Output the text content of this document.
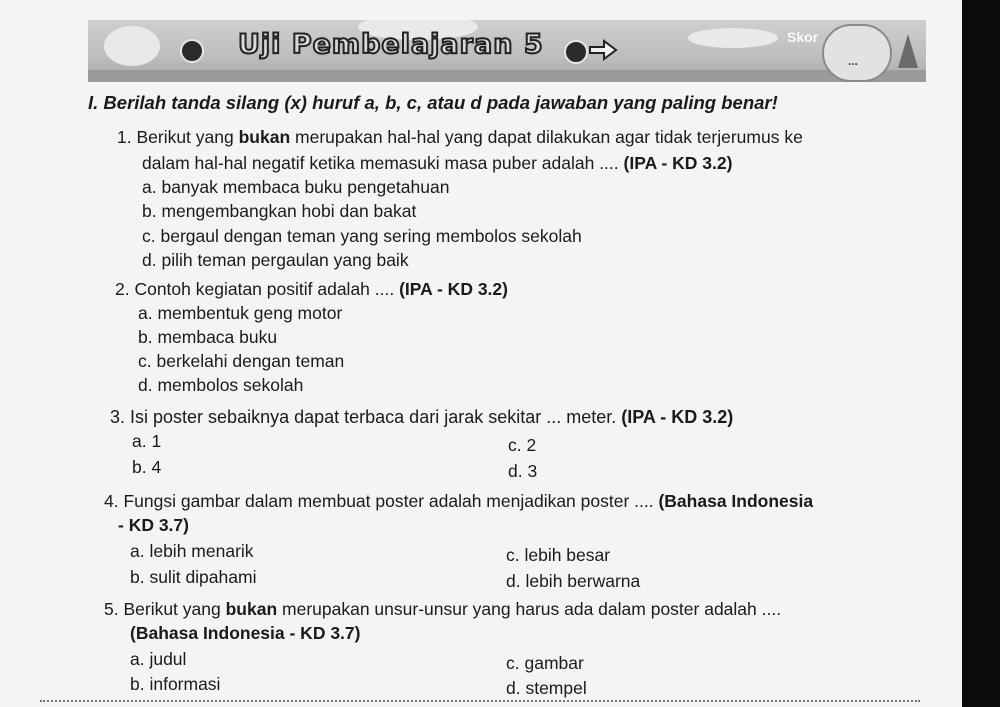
Uji Pembelajaran 5	Skor
...
I. Berilah tanda silang (x) huruf a, b, c, atau d pada jawaban yang paling benar!
1. Berikut yang bukan merupakan hal-hal yang dapat dilakukan agar tidak terjerumus ke
dalam hal-hal negatif ketika memasuki masa puber adalah .... (IPA - KD 3.2)
a. banyak membaca buku pengetahuan
b. mengembangkan hobi dan bakat
c. bergaul dengan teman yang sering membolos sekolah
d. pilih teman pergaulan yang baik
2. Contoh kegiatan positif adalah .... (IPA - KD 3.2)
a. membentuk geng motor
b. membaca buku
c. berkelahi dengan teman
d. membolos sekolah
3. Isi poster sebaiknya dapat terbaca dari jarak sekitar ... meter. (IPA - KD 3.2)
a. 1
b. 4
c. 2
d. 3
4. Fungsi gambar dalam membuat poster adalah menjadikan poster .... (Bahasa Indonesia
- KD 3.7)
a. lebih menarik
b. sulit dipahami
c. lebih besar
d. lebih berwarna
5. Berikut yang bukan merupakan unsur-unsur yang harus ada dalam poster adalah ....
(Bahasa Indonesia - KD 3.7)
a. judul
b. informasi
c. gambar
d. stempel
